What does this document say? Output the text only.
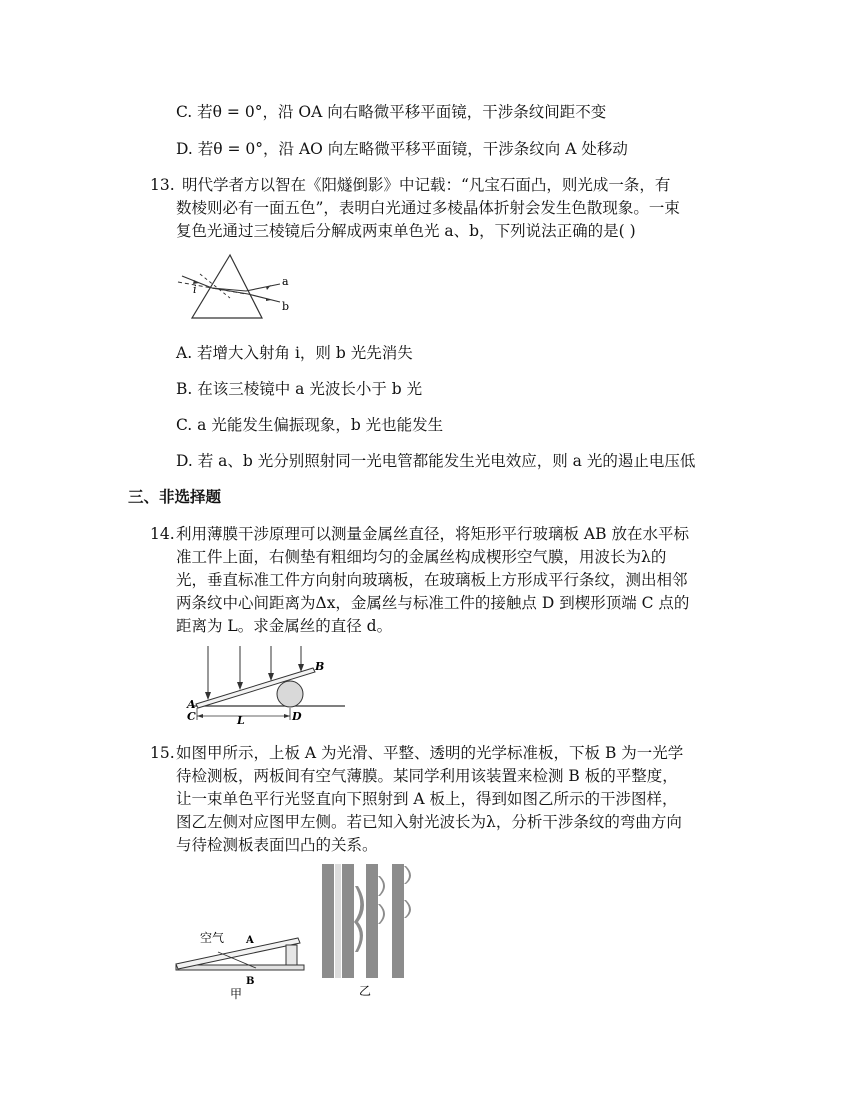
C. 若θ = 0°，沿 OA 向右略微平移平面镜，干涉条纹间距不变
D. 若θ = 0°，沿 AO 向左略微平移平面镜，干涉条纹向 A 处移动
13. 明代学者方以智在《阳燧倒影》中记载：“凡宝石面凸，则光成一条，有
数棱则必有一面五色”，表明白光通过多棱晶体折射会发生色散现象。一束
复色光通过三棱镜后分解成两束单色光 a、b，下列说法正确的是( )
i
a
b
A. 若增大入射角 i，则 b 光先消失
B. 在该三棱镜中 a 光波长小于 b 光
C. a 光能发生偏振现象，b 光也能发生
D. 若 a、b 光分别照射同一光电管都能发生光电效应，则 a 光的遏止电压低
三、非选择题
14. 利用薄膜干涉原理可以测量金属丝直径，将矩形平行玻璃板 AB 放在水平标
准工件上面，右侧垫有粗细均匀的金属丝构成楔形空气膜，用波长为λ的
光，垂直标准工件方向射向玻璃板，在玻璃板上方形成平行条纹，测出相邻
两条纹中心间距离为Δx，金属丝与标准工件的接触点 D 到楔形顶端 C 点的
距离为 L。求金属丝的直径 d。
A
C
B
D
L
15. 如图甲所示，上板 A 为光滑、平整、透明的光学标准板，下板 B 为一光学
待检测板，两板间有空气薄膜。某同学利用该装置来检测 B 板的平整度，
让一束单色平行光竖直向下照射到 A 板上，得到如图乙所示的干涉图样，
图乙左侧对应图甲左侧。若已知入射光波长为λ，分析干涉条纹的弯曲方向
与待检测板表面凹凸的关系。
空气 A
B
甲	乙
